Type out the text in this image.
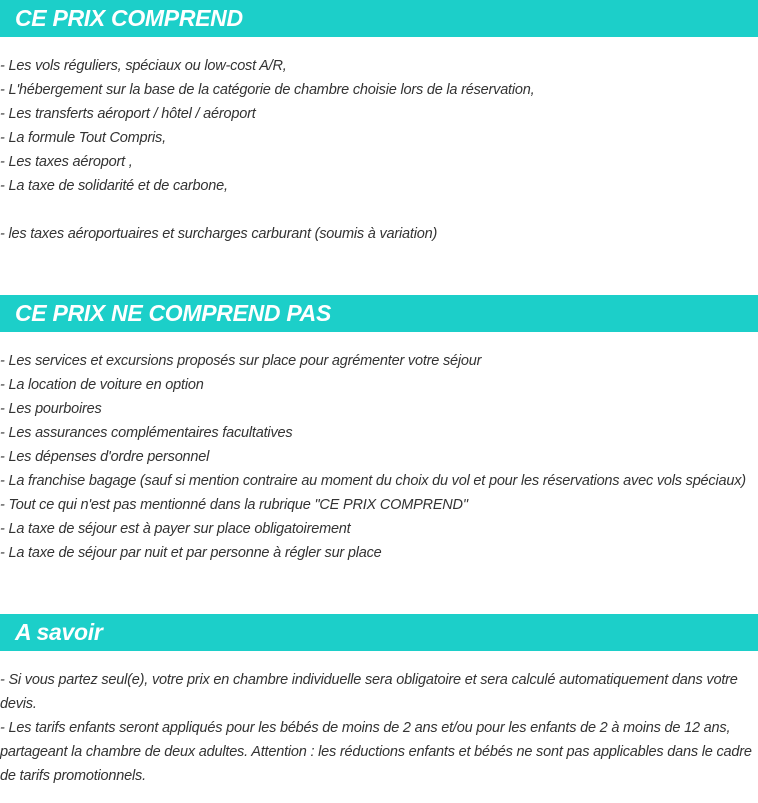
CE PRIX COMPREND
- Les vols réguliers, spéciaux ou low-cost A/R,
- L'hébergement sur la base de la catégorie de chambre choisie lors de la réservation,
- Les transferts aéroport / hôtel / aéroport
- La formule Tout Compris,
- Les taxes aéroport ,
- La taxe de solidarité et de carbone,
- les taxes aéroportuaires et surcharges carburant (soumis à variation)
CE PRIX NE COMPREND PAS
- Les services et excursions proposés sur place pour agrémenter votre séjour
- La location de voiture en option
- Les pourboires
- Les assurances complémentaires facultatives
- Les dépenses d'ordre personnel
- La franchise bagage (sauf si mention contraire au moment du choix du vol et pour les réservations avec vols spéciaux)
- Tout ce qui n'est pas mentionné dans la rubrique "CE PRIX COMPREND"
- La taxe de séjour est à payer sur place obligatoirement
- La taxe de séjour par nuit et par personne à régler sur place
A savoir
- Si vous partez seul(e), votre prix en chambre individuelle sera obligatoire et sera calculé automatiquement dans votre devis.
- Les tarifs enfants seront appliqués pour les bébés de moins de 2 ans et/ou pour les enfants de 2 à moins de 12 ans, partageant la chambre de deux adultes. Attention : les réductions enfants et bébés ne sont pas applicables dans le cadre de tarifs promotionnels.
